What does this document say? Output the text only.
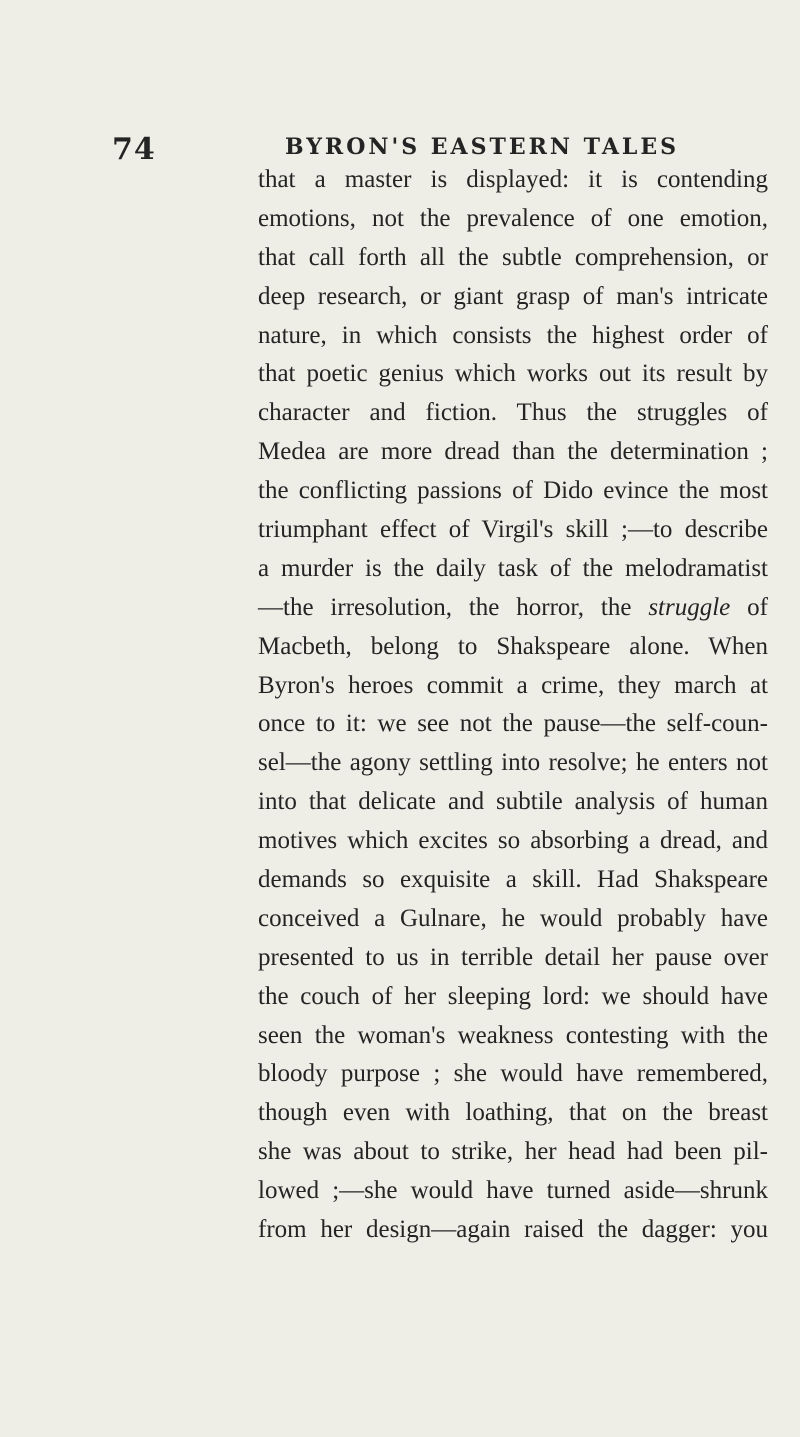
74	BYRON'S EASTERN TALES
that a master is displayed: it is contending
emotions, not the prevalence of one emotion,
that call forth all the subtle comprehension, or
deep research, or giant grasp of man's intricate
nature, in which consists the highest order of
that poetic genius which works out its result by
character and fiction. Thus the struggles of
Medea are more dread than the determination ;
the conflicting passions of Dido evince the most
triumphant effect of Virgil's skill ;—to describe
a murder is the daily task of the melodramatist
—the irresolution, the horror, the struggle of
Macbeth, belong to Shakspeare alone. When
Byron's heroes commit a crime, they march at
once to it: we see not the pause—the self-coun-
sel—the agony settling into resolve; he enters not
into that delicate and subtile analysis of human
motives which excites so absorbing a dread, and
demands so exquisite a skill. Had Shakspeare
conceived a Gulnare, he would probably have
presented to us in terrible detail her pause over
the couch of her sleeping lord: we should have
seen the woman's weakness contesting with the
bloody purpose ; she would have remembered,
though even with loathing, that on the breast
she was about to strike, her head had been pil-
lowed ;—she would have turned aside—shrunk
from her design—again raised the dagger: you
